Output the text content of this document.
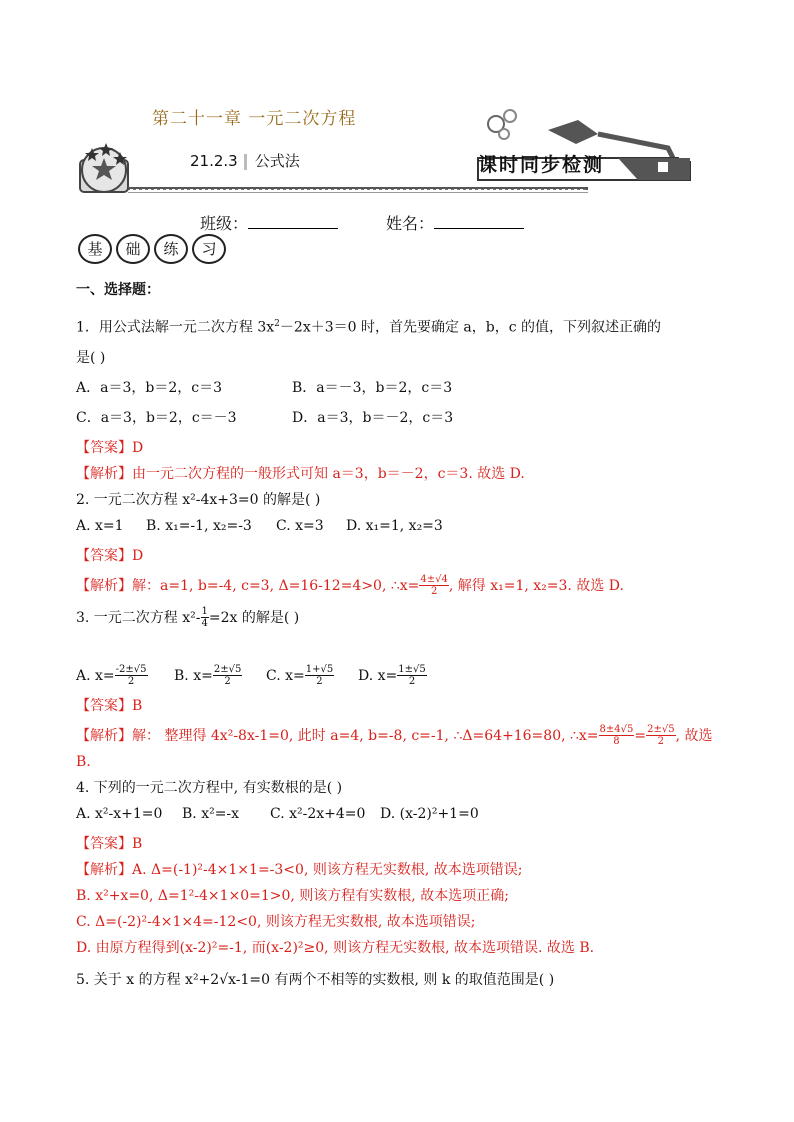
第二十一章 一元二次方程
21.2.3 公式法	课时同步检测
班级：	姓名：
基	础	练	习
一、选择题：
1．用公式法解一元二次方程 $3x^2-2x+3=0$ 时，首先要确定 a，b，c 的值，下列叙述正确的
是( )
A．a＝3，b＝2，c＝3	B．a＝－3，b＝2，c＝3
C．a＝3，b＝2，c＝－3	D．a＝3，b＝－2，c＝3
【答案】D
【解析】由一元二次方程的一般形式可知 a＝3，b＝－2，c＝3. 故选 D.
2. 一元二次方程 x²-4x+3=0 的解是( )
A. x=1 B. x₁=-1, x₂=-3 C. x=3 D. x₁=1, x₂=3
【答案】D
【解析】解：a=1, b=-4, c=3, Δ=16-12=4>0, ∴x= $\frac{4\pm√4}{2}$ , 解得 x₁=1, x₂=3. 故选 D.
3. 一元二次方程 $x^2- \frac{1}{4} =2x$ 的解是( )
A. $x= \frac{-2\pm√5}{2} B$. $x= \frac{2\pm√5}{2} C$. $x= \frac{1+√5}{2} D$. $x= \frac{1\pm√5}{2}$
【答案】B
【解析】解： 整理得 4x²-8x-1=0, 此时 a=4, b=-8, c=-1, ∴Δ=64+16=80, ∴x= $\frac{8\pm 4√5}{8} = \frac{2\pm√5}{2}$ , 故选
B.
4. 下列的一元二次方程中, 有实数根的是( )
A. x²-x+1=0 B. x²=-x C. x²-2x+4=0 D. (x-2)²+1=0
【答案】B
【解析】A. Δ=(-1)²-4×1×1=-3<0, 则该方程无实数根, 故本选项错误;
B. x²+x=0, Δ=1²-4×1×0=1>0, 则该方程有实数根, 故本选项正确;
C. Δ=(-2)²-4×1×4=-12<0, 则该方程无实数根, 故本选项错误;
D. 由原方程得到(x-2)²=-1, 而(x-2)²≥0, 则该方程无实数根, 故本选项错误. 故选 B.
5. 关于 x 的方程 x²+2√x-1=0 有两个不相等的实数根, 则 k 的取值范围是( )
